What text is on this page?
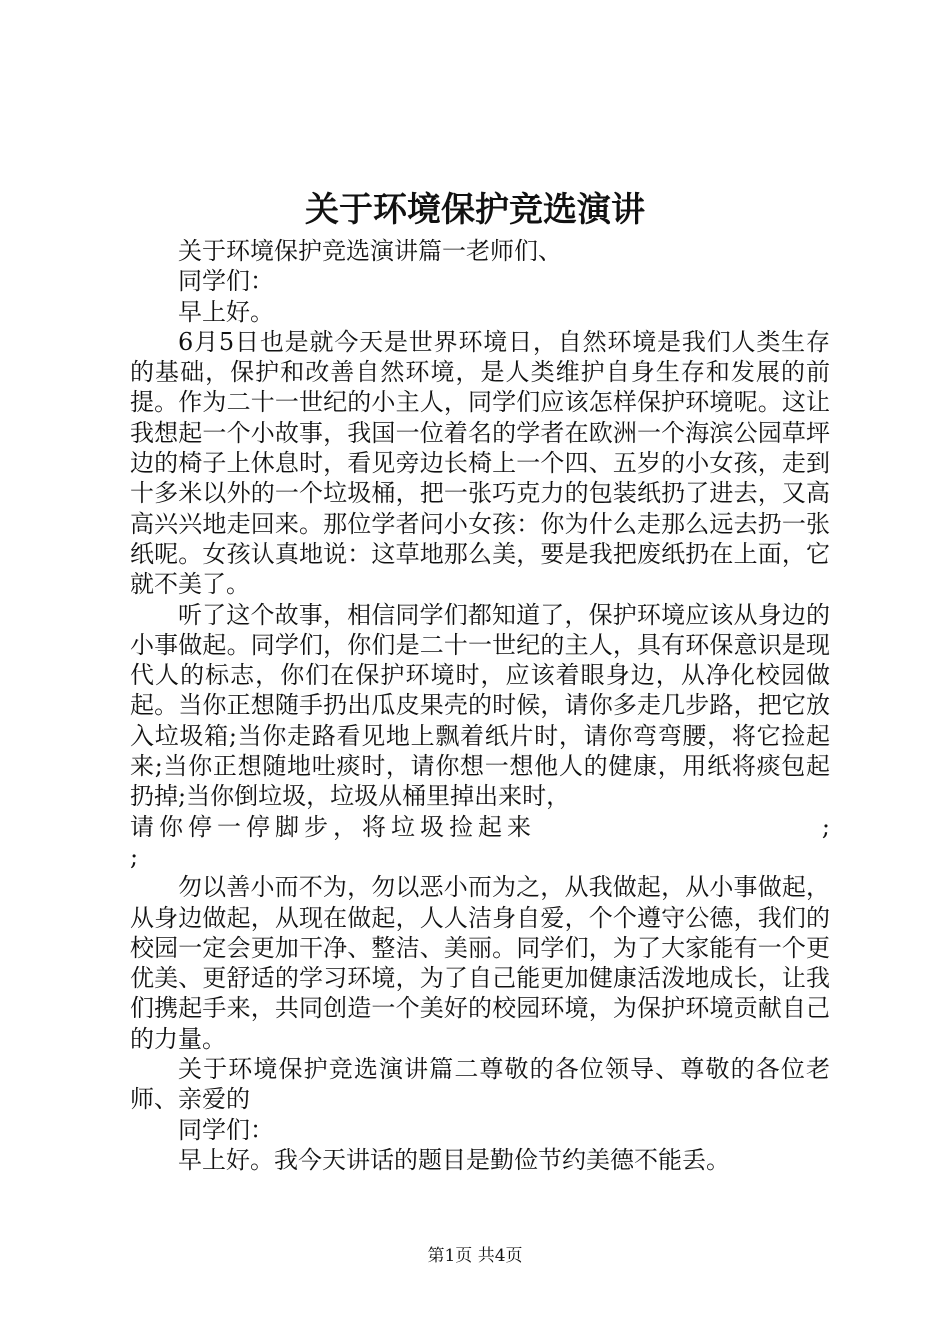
关于环境保护竞选演讲

关于环境保护竞选演讲篇一老师们、

同学们：

早上好。

6月5日也是就今天是世界环境日，自然环境是我们人类生存的基础，保护和改善自然环境，是人类维护自身生存和发展的前提。作为二十一世纪的小主人，同学们应该怎样保护环境呢。这让我想起一个小故事，我国一位着名的学者在欧洲一个海滨公园草坪边的椅子上休息时，看见旁边长椅上一个四、五岁的小女孩，走到十多米以外的一个垃圾桶，把一张巧克力的包装纸扔了进去，又高高兴兴地走回来。那位学者问小女孩：你为什么走那么远去扔一张纸呢。女孩认真地说：这草地那么美，要是我把废纸扔在上面，它就不美了。

听了这个故事，相信同学们都知道了，保护环境应该从身边的小事做起。同学们，你们是二十一世纪的主人，具有环保意识是现代人的标志，你们在保护环境时，应该着眼身边，从净化校园做起。当你正想随手扔出瓜皮果壳的时候，请你多走几步路，把它放入垃圾箱;当你走路看见地上飘着纸片时，请你弯弯腰，将它捡起来;当你正想随地吐痰时，请你想一想他人的健康，用纸将痰包起扔掉;当你倒垃圾，垃圾从桶里掉出来时，

请你停一停脚步，将垃圾捡起来	;

;

勿以善小而不为，勿以恶小而为之，从我做起，从小事做起，从身边做起，从现在做起，人人洁身自爱，个个遵守公德，我们的校园一定会更加干净、整洁、美丽。同学们，为了大家能有一个更优美、更舒适的学习环境，为了自己能更加健康活泼地成长，让我们携起手来，共同创造一个美好的校园环境，为保护环境贡献自己的力量。

关于环境保护竞选演讲篇二尊敬的各位领导、尊敬的各位老师、亲爱的

同学们：

早上好。我今天讲话的题目是勤俭节约美德不能丢。

第1页 共4页
